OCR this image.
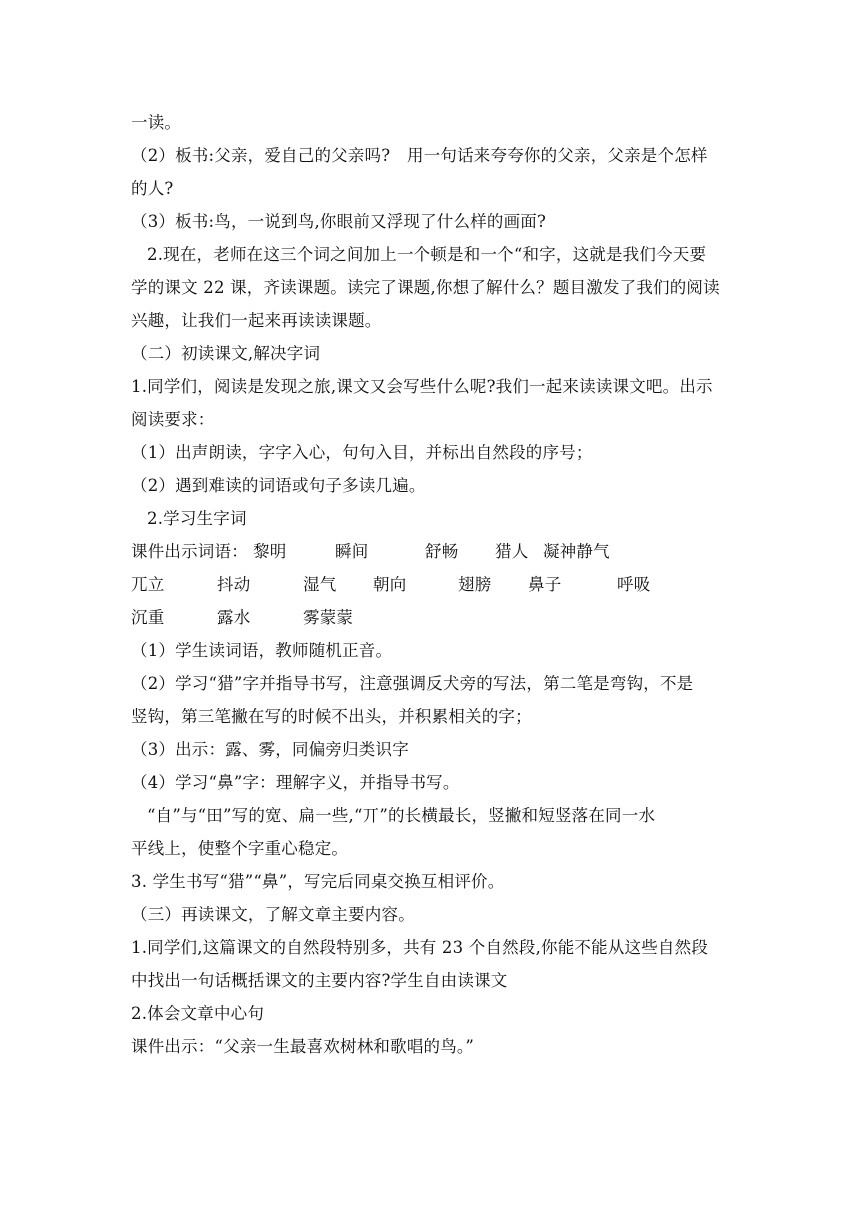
一读。
（2）板书:父亲，爱自己的父亲吗?　用一句话来夸夸你的父亲，父亲是个怎样
的人?
（3）板书:鸟，一说到鸟,你眼前又浮现了什么样的画面?
2.现在，老师在这三个词之间加上一个顿是和一个“和字，这就是我们今天要
学的课文 22 课，齐读课题。读完了课题,你想了解什么？题目激发了我们的阅读
兴趣，让我们一起来再读读课题。
（二）初读课文,解决字词
1.同学们，阅读是发现之旅,课文又会写些什么呢?我们一起来读读课文吧。出示
阅读要求：
（1）出声朗读，字字入心，句句入目，并标出自然段的序号；
（2）遇到难读的词语或句子多读几遍。
2.学习生字词
课件出示词语： 黎明	瞬间	舒畅 猎人 凝神静气
兀立	抖动	湿气 朝向	翅膀 鼻子	呼吸
沉重	露水	雾蒙蒙
（1）学生读词语，教师随机正音。
（2）学习“猎”字并指导书写，注意强调反犬旁的写法，第二笔是弯钩，不是
竖钩，第三笔撇在写的时候不出头，并积累相关的字；
（3）出示：露、雾，同偏旁归类识字
（4）学习“鼻”字：理解字义，并指导书写。
“自”与“田”写的宽、扁一些,“丌”的长横最长，竖撇和短竖落在同一水
平线上，使整个字重心稳定。
3. 学生书写“猎”“鼻”，写完后同桌交换互相评价。
（三）再读课文，了解文章主要内容。
1.同学们,这篇课文的自然段特别多，共有 23 个自然段,你能不能从这些自然段
中找出一句话概括课文的主要内容?学生自由读课文
2.体会文章中心句
课件出示：“父亲一生最喜欢树林和歌唱的鸟。”
